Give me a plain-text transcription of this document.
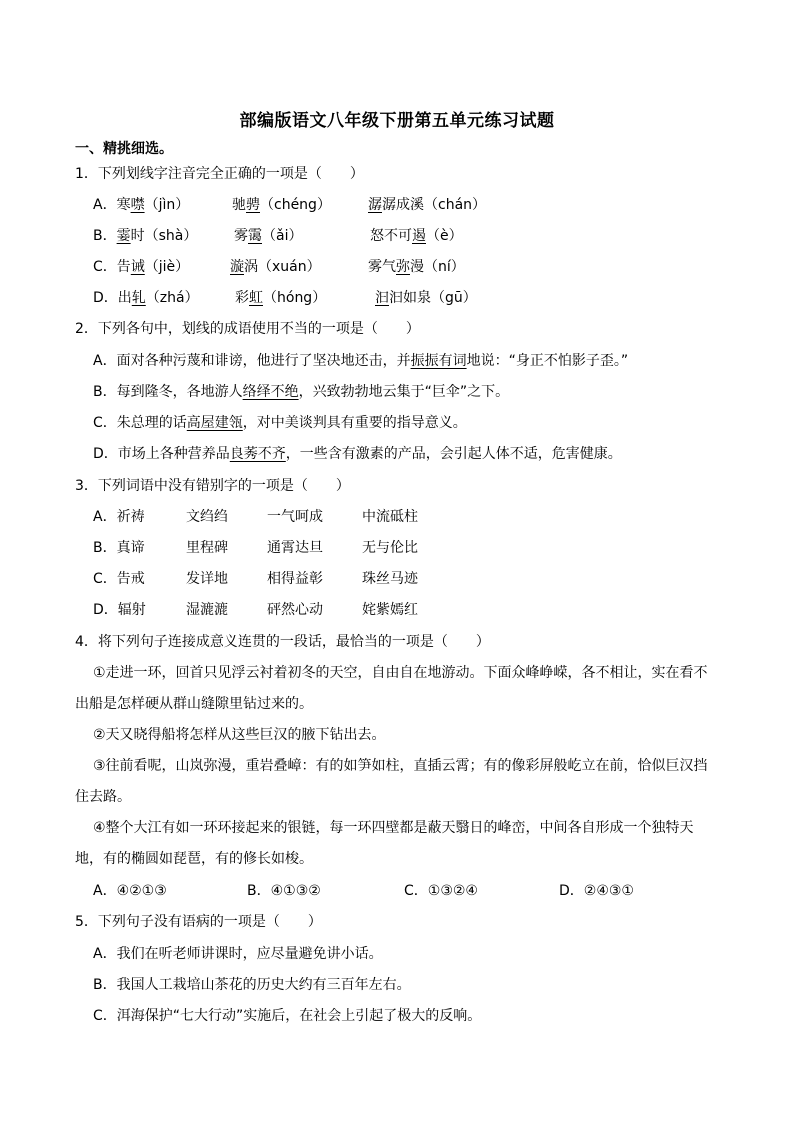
部编版语文八年级下册第五单元练习试题
一、精挑细选。
1．下列划线字注音完全正确的一项是（　　）
A．寒噤（jìn）	驰骋（chéng）	潺潺成溪（chán）
B．霎时（shà）	雾霭（ǎi）	怒不可遏（è）
C．告诫（jiè）	漩涡（xuán）	雾气弥漫（ní）
D．出轧（zhá）	彩虹（hóng）	汩汩如泉（gū）
2．下列各句中，划线的成语使用不当的一项是（　　）
A．面对各种污蔑和诽谤，他进行了坚决地还击，并振振有词地说：“身正不怕影子歪。”
B．每到隆冬，各地游人络绎不绝，兴致勃勃地云集于“巨伞”之下。
C．朱总理的话高屋建瓴，对中美谈判具有重要的指导意义。
D．市场上各种营养品良莠不齐，一些含有激素的产品，会引起人体不适，危害健康。
3．下列词语中没有错别字的一项是（　　）
A．祈祷	文绉绉	一气呵成	中流砥柱
B．真谛	里程碑	通霄达旦	无与伦比
C．告戒	发详地	相得益彰	珠丝马迹
D．辐射	湿漉漉	砰然心动	姹紫嫣红
4．将下列句子连接成意义连贯的一段话，最恰当的一项是（　　）
①走进一环，回首只见浮云衬着初冬的天空，自由自在地游动。下面众峰峥嵘，各不相让，实在看不出船是怎样硬从群山缝隙里钻过来的。
②天又晓得船将怎样从这些巨汉的腋下钻出去。
③往前看呢，山岚弥漫，重岩叠嶂：有的如笋如柱，直插云霄；有的像彩屏般屹立在前，恰似巨汉挡住去路。
④整个大江有如一环环接起来的银链，每一环四壁都是蔽天翳日的峰峦，中间各自形成一个独特天地，有的椭圆如琵琶，有的修长如梭。
A．④②①③	B．④①③②	C．①③②④	D．②④③①
5．下列句子没有语病的一项是（　　）
A．我们在听老师讲课时，应尽量避免讲小话。
B．我国人工栽培山茶花的历史大约有三百年左右。
C．洱海保护“七大行动”实施后，在社会上引起了极大的反响。
